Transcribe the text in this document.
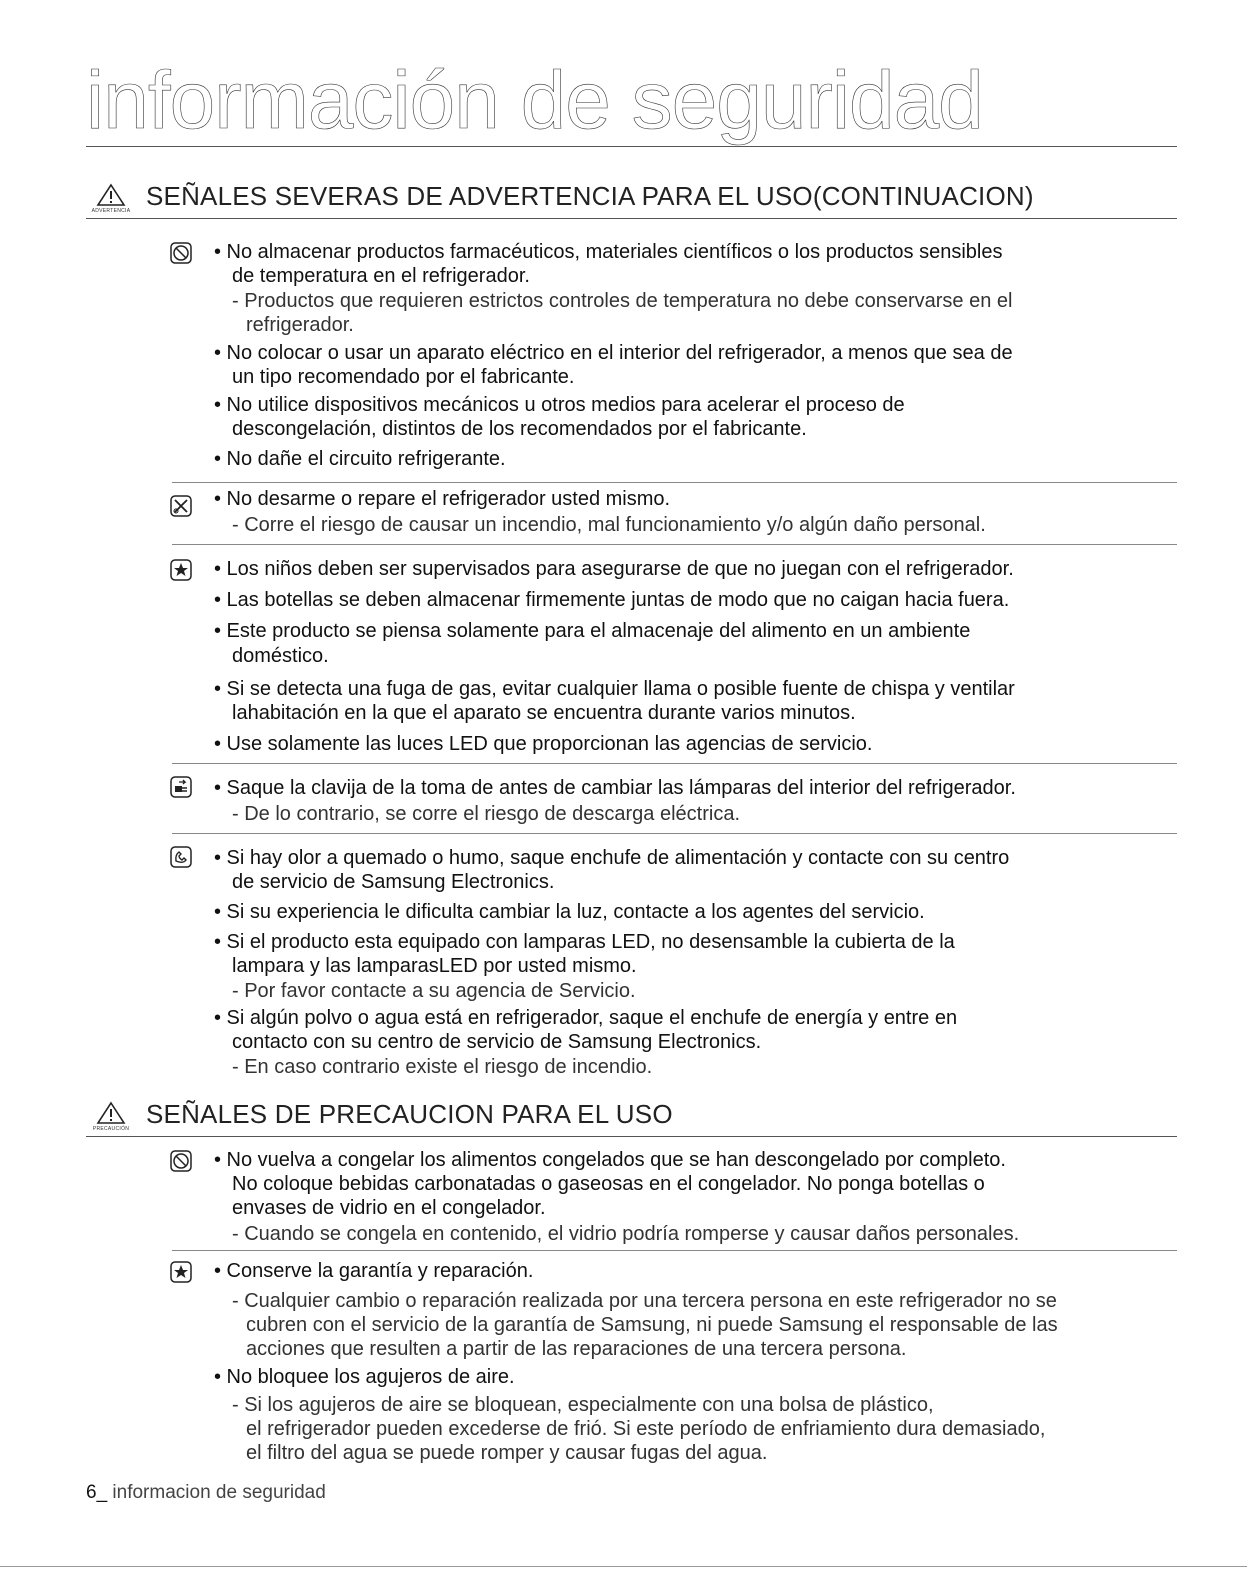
información de seguridad
ADVERTENCIA SEÑALES SEVERAS DE ADVERTENCIA PARA EL USO(CONTINUACION)
• No almacenar productos farmacéuticos, materiales científicos o los productos sensibles
de temperatura en el refrigerador.
- Productos que requieren estrictos controles de temperatura no debe conservarse en el
refrigerador.
• No colocar o usar un aparato eléctrico en el interior del refrigerador, a menos que sea de
un tipo recomendado por el fabricante.
• No utilice dispositivos mecánicos u otros medios para acelerar el proceso de
descongelación, distintos de los recomendados por el fabricante.
• No dañe el circuito refrigerante.
• No desarme o repare el refrigerador usted mismo.
- Corre el riesgo de causar un incendio, mal funcionamiento y/o algún daño personal.
• Los niños deben ser supervisados para asegurarse de que no juegan con el refrigerador.
• Las botellas se deben almacenar firmemente juntas de modo que no caigan hacia fuera.
• Este producto se piensa solamente para el almacenaje del alimento en un ambiente
doméstico.
• Si se detecta una fuga de gas, evitar cualquier llama o posible fuente de chispa y ventilar
lahabitación en la que el aparato se encuentra durante varios minutos.
• Use solamente las luces LED que proporcionan las agencias de servicio.
• Saque la clavija de la toma de antes de cambiar las lámparas del interior del refrigerador.
- De lo contrario, se corre el riesgo de descarga eléctrica.
• Si hay olor a quemado o humo, saque enchufe de alimentación y contacte con su centro
de servicio de Samsung Electronics.
• Si su experiencia le dificulta cambiar la luz, contacte a los agentes del servicio.
• Si el producto esta equipado con lamparas LED, no desensamble la cubierta de la
lampara y las lamparasLED por usted mismo.
- Por favor contacte a su agencia de Servicio.
• Si algún polvo o agua está en refrigerador, saque el enchufe de energía y entre en
contacto con su centro de servicio de Samsung Electronics.
- En caso contrario existe el riesgo de incendio.
PRECAUCIÓN SEÑALES DE PRECAUCION PARA EL USO
• No vuelva a congelar los alimentos congelados que se han descongelado por completo.
No coloque bebidas carbonatadas o gaseosas en el congelador. No ponga botellas o
envases de vidrio en el congelador.
- Cuando se congela en contenido, el vidrio podría romperse y causar daños personales.
• Conserve la garantía y reparación.
- Cualquier cambio o reparación realizada por una tercera persona en este refrigerador no se
cubren con el servicio de la garantía de Samsung, ni puede Samsung el responsable de las
acciones que resulten a partir de las reparaciones de una tercera persona.
• No bloquee los agujeros de aire.
- Si los agujeros de aire se bloquean, especialmente con una bolsa de plástico,
el refrigerador pueden excederse de frió. Si este período de enfriamiento dura demasiado,
el filtro del agua se puede romper y causar fugas del agua.
6_ informacion de seguridad
